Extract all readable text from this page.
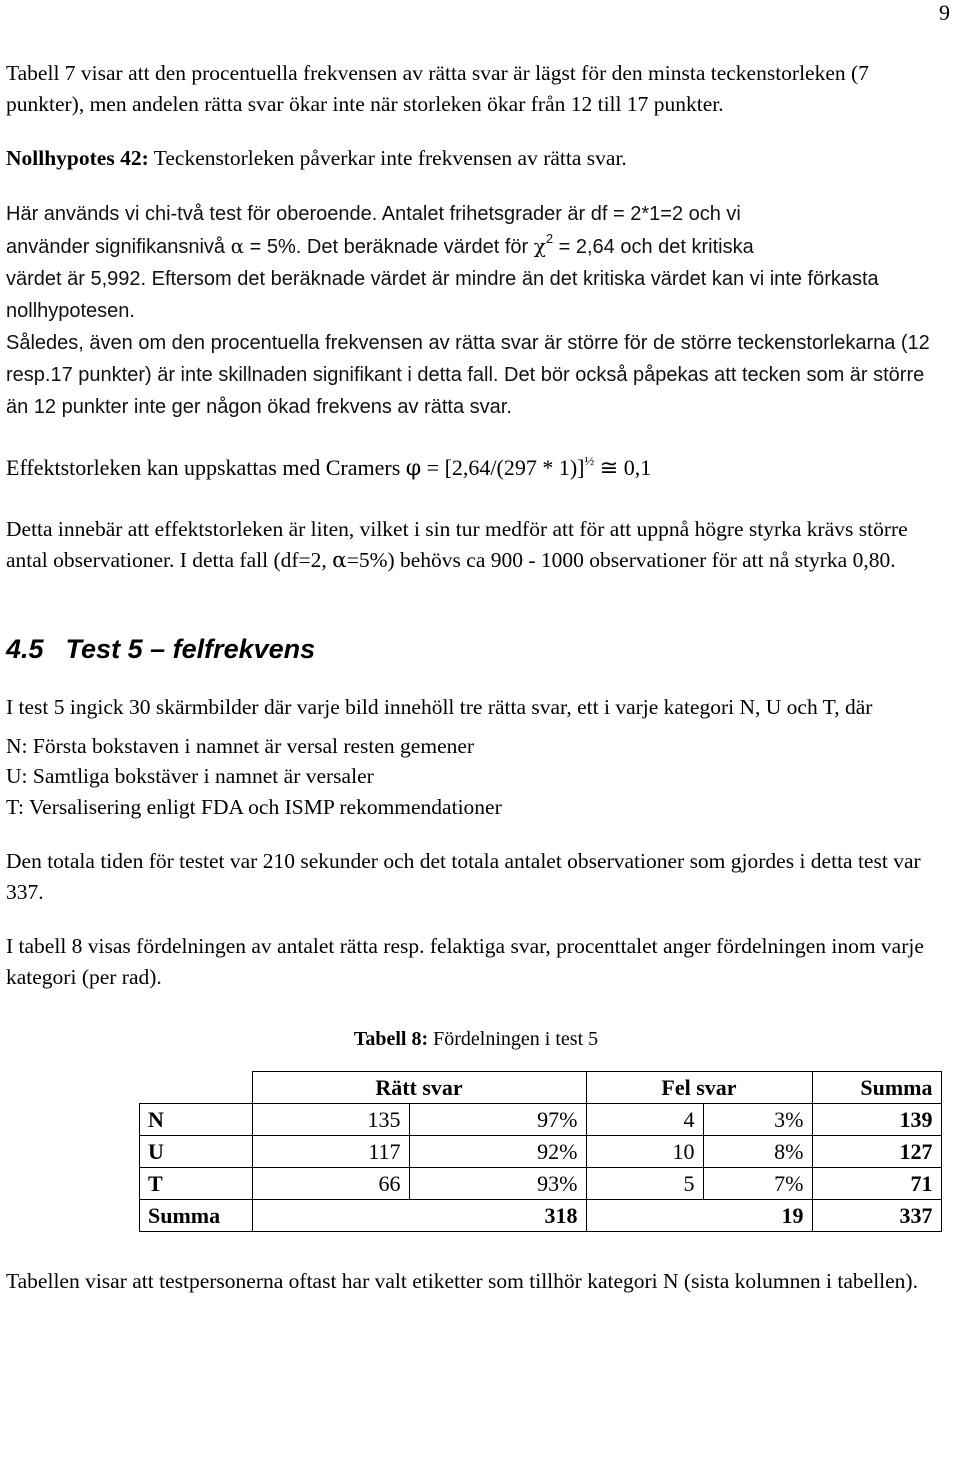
9

Tabell 7 visar att den procentuella frekvensen av rätta svar är lägst för den minsta teckenstorleken (7 punkter), men andelen rätta svar ökar inte när storleken ökar från 12 till 17 punkter.

Nollhypotes 42: Teckenstorleken påverkar inte frekvensen av rätta svar.

Här används vi chi-två test för oberoende. Antalet frihetsgrader är df = 2*1=2 och vi

använder signifikansnivå α = 5%. Det beräknade värdet för $\chi^2 = 2,64$ och det kritiska

värdet är 5,992. Eftersom det beräknade värdet är mindre än det kritiska värdet kan vi inte förkasta nollhypotesen.

Således, även om den procentuella frekvensen av rätta svar är större för de större teckenstorlekarna (12 resp.17 punkter) är inte skillnaden signifikant i detta fall. Det bör också påpekas att tecken som är större än 12 punkter inte ger någon ökad frekvens av rätta svar.

Effektstorleken kan uppskattas med Cramers φ = [2,64/(297 * 1)]$^{\frac{1}{2}}$ ≅ 0,1

Detta innebär att effektstorleken är liten, vilket i sin tur medför att för att uppnå högre styrka krävs större antal observationer. I detta fall (df=2, α=5%) behövs ca 900 - 1000 observationer för att nå styrka 0,80.

4.5 Test 5 – felfrekvens

I test 5 ingick 30 skärmbilder där varje bild innehöll tre rätta svar, ett i varje kategori N, U och T, där

N: Första bokstaven i namnet är versal resten gemener

U: Samtliga bokstäver i namnet är versaler

T: Versalisering enligt FDA och ISMP rekommendationer

Den totala tiden för testet var 210 sekunder och det totala antalet observationer som gjordes i detta test var 337.

I tabell 8 visas fördelningen av antalet rätta resp. felaktiga svar, procenttalet anger fördelningen inom varje kategori (per rad).

Tabell 8: Fördelningen i test 5

	Rätt svar		Fel svar		Summa
N	135	97%	4	3%	139
U	117	92%	10	8%	127
T	66	93%	5	7%	71
Summa	318		19		337

Tabellen visar att testpersonerna oftast har valt etiketter som tillhör kategori N (sista kolumnen i tabellen).
